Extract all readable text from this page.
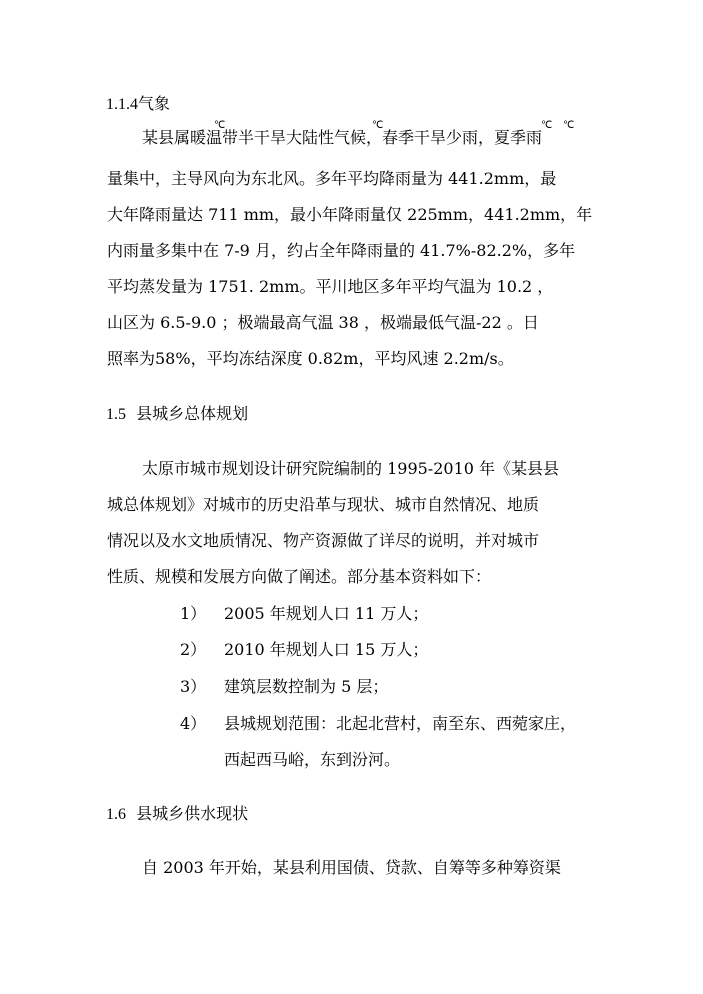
1.1.4气象
℃	℃	℃ ℃
某县属暖温带半干旱大陆性气候，春季干旱少雨，夏季雨
量集中，主导风向为东北风。多年平均降雨量为 441.2mm，最
大年降雨量达 711 mm，最小年降雨量仅 225mm，441.2mm，年
内雨量多集中在 7-9 月，约占全年降雨量的 41.7%-82.2%，多年
平均蒸发量为 1751. 2mm。平川地区多年平均气温为 10.2 ，
山区为 6.5-9.0 ；极端最高气温 38 ，极端最低气温-22 。日
照率为58%，平均冻结深度 0.82m，平均风速 2.2m/s。
1.5 县城乡总体规划
太原市城市规划设计研究院编制的 1995-2010 年《某县县
城总体规划》对城市的历史沿革与现状、城市自然情况、地质
情况以及水文地质情况、物产资源做了详尽的说明，并对城市
性质、规模和发展方向做了阐述。部分基本资料如下：
1） 2005 年规划人口 11 万人；
2） 2010 年规划人口 15 万人；
3） 建筑层数控制为 5 层；
4） 县城规划范围：北起北营村，南至东、西菀家庄，
西起西马峪，东到汾河。
1.6 县城乡供水现状
自 2003 年开始，某县利用国债、贷款、自筹等多种筹资渠
